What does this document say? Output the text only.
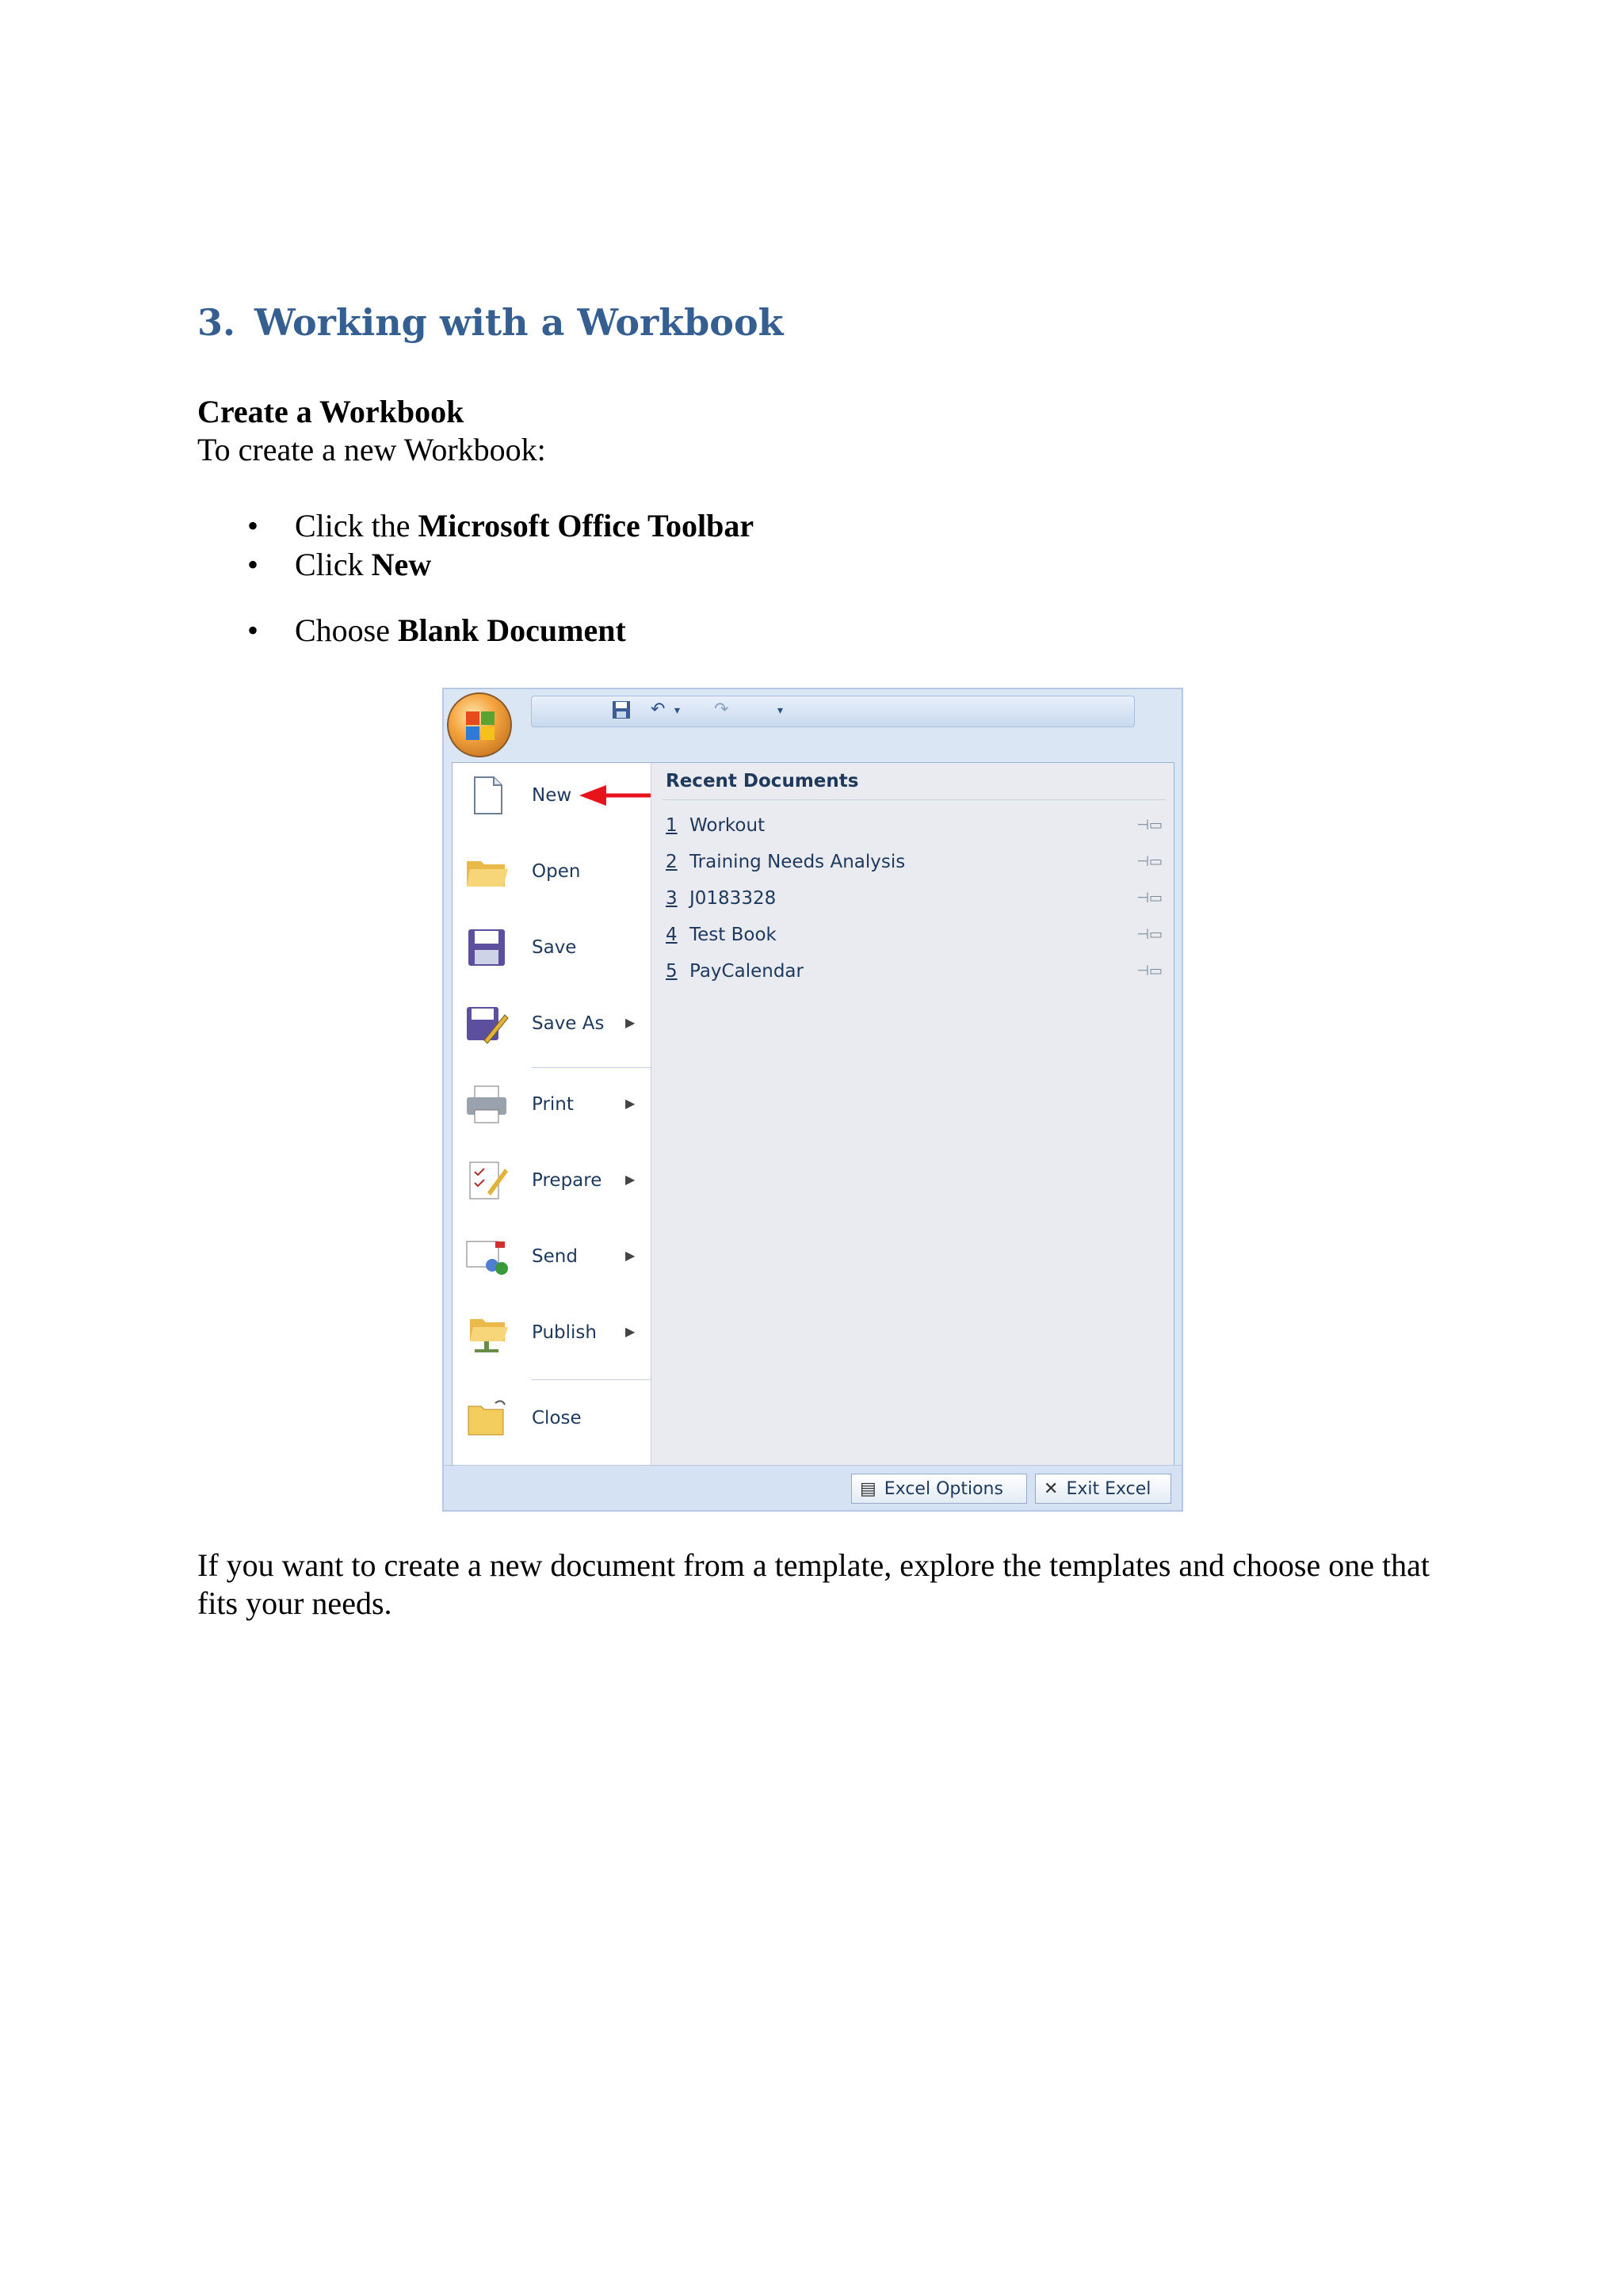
3. Working with a Workbook
Create a Workbook
To create a new Workbook:
• Click the Microsoft Office Toolbar
• Click New
• Choose Blank Document
↶ ▾ ↷	▾
New
Open
Save
Save As ▶
Print	▶
Prepare ▶
Send	▶
Publish ▶
Close
Recent Documents
1 Workout	⊣▭
2 Training Needs Analysis	⊣▭
3 J0183328	⊣▭
4 Test Book	⊣▭
5 PayCalendar	⊣▭
▤ Excel Options	✕ Exit Excel
If you want to create a new document from a template, explore the templates and choose one that fits your needs.
